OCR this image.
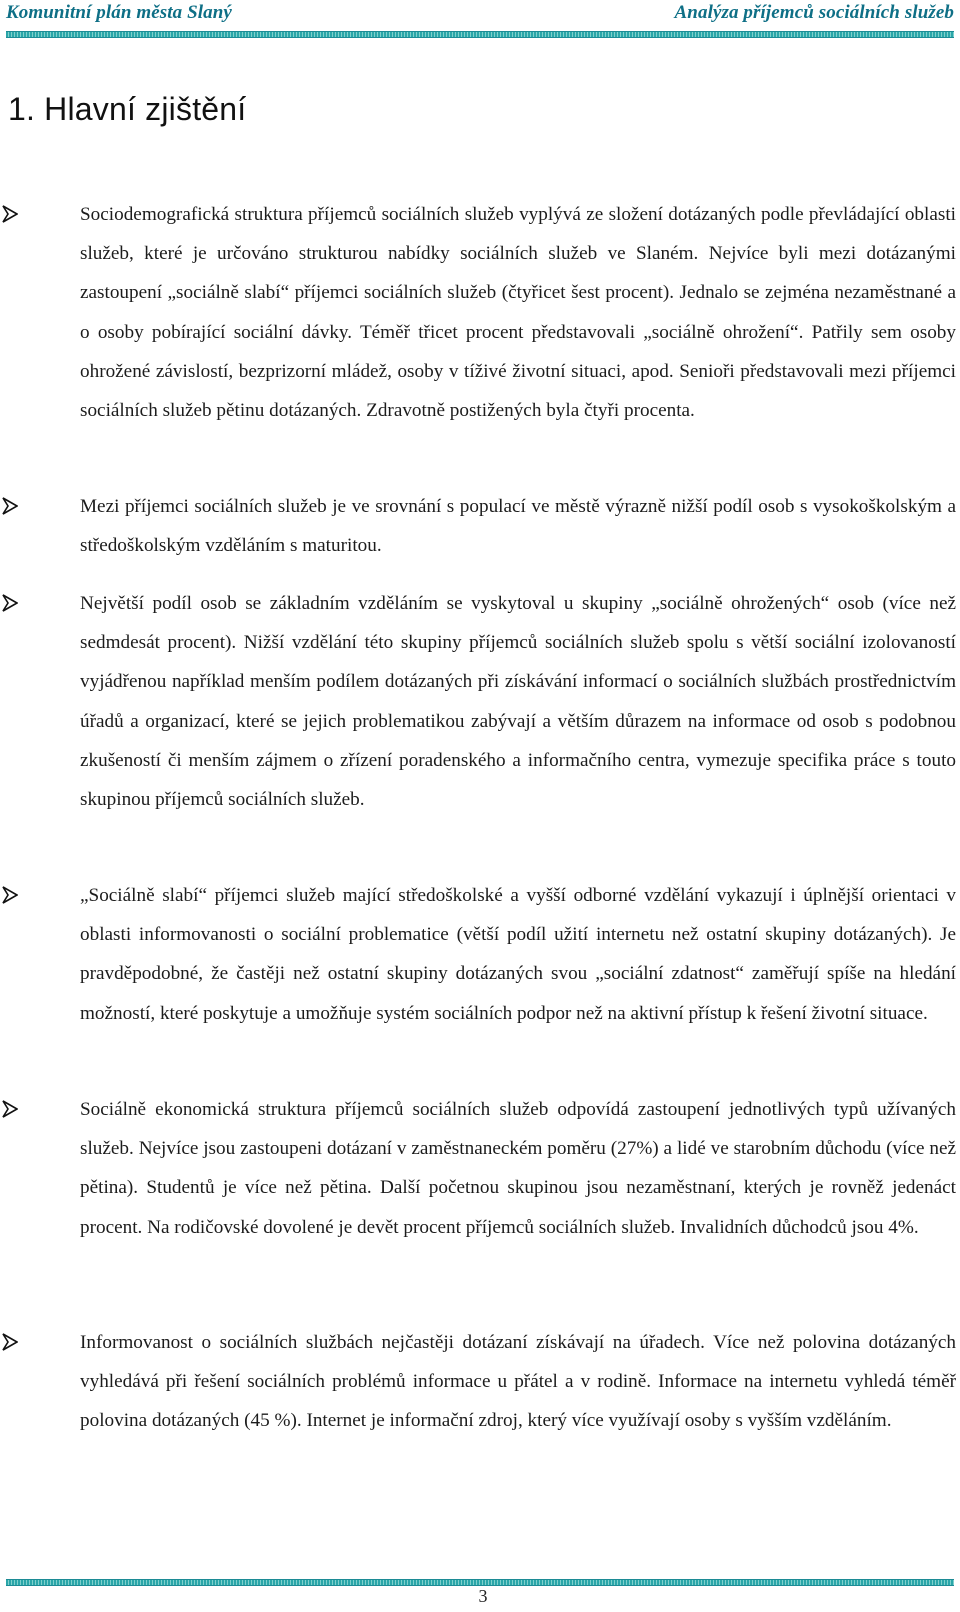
Komunitní plán města Slaný	Analýza příjemců sociálních služeb
1. Hlavní zjištění
Sociodemografická struktura příjemců sociálních služeb vyplývá ze složení dotázaných podle převládající oblasti služeb, které je určováno strukturou nabídky sociálních služeb ve Slaném. Nejvíce byli mezi dotázanými zastoupení „sociálně slabí“ příjemci sociálních služeb (čtyřicet šest procent). Jednalo se zejména nezaměstnané a o osoby pobírající sociální dávky. Téměř třicet procent představovali „sociálně ohrožení“. Patřily sem osoby ohrožené závislostí, bezprizorní mládež, osoby v tíživé životní situaci, apod. Senioři představovali mezi příjemci sociálních služeb pětinu dotázaných. Zdravotně postižených byla čtyři procenta.
Mezi příjemci sociálních služeb je ve srovnání s populací ve městě výrazně nižší podíl osob s vysokoškolským a středoškolským vzděláním s maturitou.
Největší podíl osob se základním vzděláním se vyskytoval u skupiny „sociálně ohrožených“ osob (více než sedmdesát procent). Nižší vzdělání této skupiny příjemců sociálních služeb spolu s větší sociální izolovaností vyjádřenou například menším podílem dotázaných při získávání informací o sociálních službách prostřednictvím úřadů a organizací, které se jejich problematikou zabývají a větším důrazem na informace od osob s podobnou zkušeností či menším zájmem o zřízení poradenského a informačního centra, vymezuje specifika práce s touto skupinou příjemců sociálních služeb.
„Sociálně slabí“ příjemci služeb mající středoškolské a vyšší odborné vzdělání vykazují i úplnější orientaci v oblasti informovanosti o sociální problematice (větší podíl užití internetu než ostatní skupiny dotázaných). Je pravděpodobné, že častěji než ostatní skupiny dotázaných svou „sociální zdatnost“ zaměřují spíše na hledání možností, které poskytuje a umožňuje systém sociálních podpor než na aktivní přístup k řešení životní situace.
Sociálně ekonomická struktura příjemců sociálních služeb odpovídá zastoupení jednotlivých typů užívaných služeb. Nejvíce jsou zastoupeni dotázaní v zaměstnaneckém poměru (27%) a lidé ve starobním důchodu (více než pětina). Studentů je více než pětina. Další početnou skupinou jsou nezaměstnaní, kterých je rovněž jedenáct procent. Na rodičovské dovolené je devět procent příjemců sociálních služeb. Invalidních důchodců jsou 4%.
Informovanost o sociálních službách nejčastěji dotázaní získávají na úřadech. Více než polovina dotázaných vyhledává při řešení sociálních problémů informace u přátel a v rodině. Informace na internetu vyhledá téměř polovina dotázaných (45 %). Internet je informační zdroj, který více využívají osoby s vyšším vzděláním.
3
